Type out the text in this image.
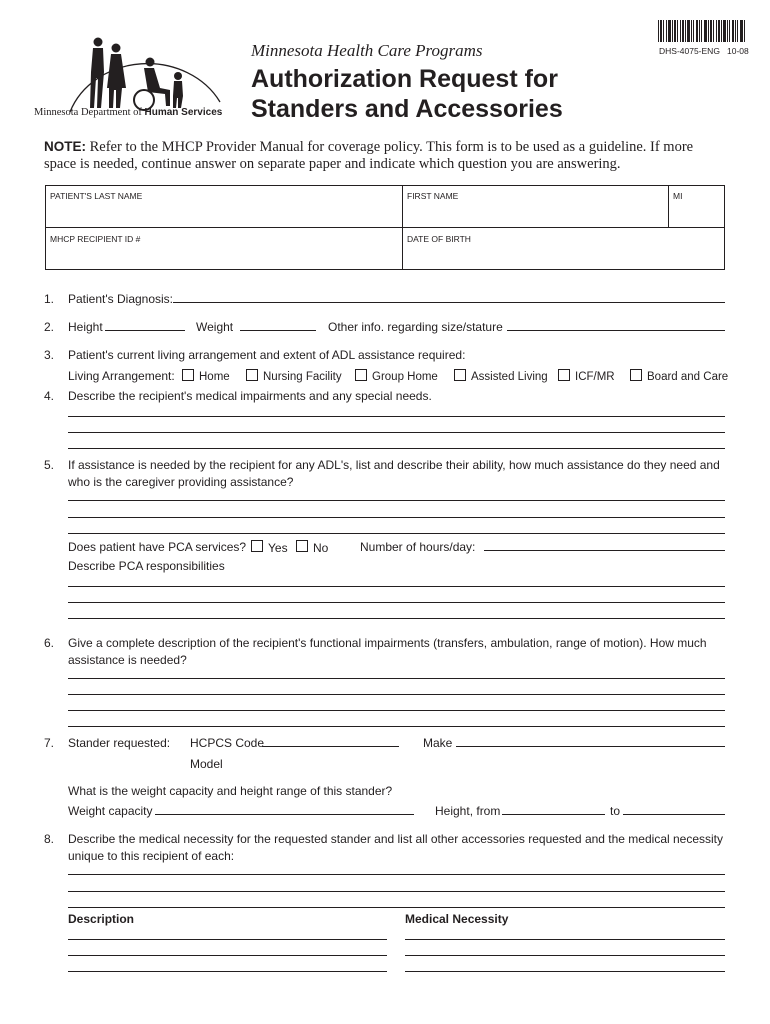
Minnesota Department of Human Services
Minnesota Health Care Programs
Authorization Request for
Standers and Accessories
DHS-4075-ENG 10-08
NOTE: Refer to the MHCP Provider Manual for coverage policy. This form is to be used as a guideline. If more
space is needed, continue answer on separate paper and indicate which question you are answering.
PATIENT'S LAST NAME	FIRST NAME	MI
MHCP RECIPIENT ID #	DATE OF BIRTH
1. Patient's Diagnosis:
2. Height	Weight	Other info. regarding size/stature
3. Patient's current living arrangement and extent of ADL assistance required:
Living Arrangement: Home	Nursing Facility	Group Home	Assisted Living ICF/MR	Board and Care
4. Describe the recipient's medical impairments and any special needs.
5. If assistance is needed by the recipient for any ADL's, list and describe their ability, how much assistance do they need and
who is the caregiver providing assistance?
Does patient have PCA services? Yes No	Number of hours/day:
Describe PCA responsibilities
6. Give a complete description of the recipient's functional impairments (transfers, ambulation, range of motion). How much
assistance is needed?
7. Stander requested: HCPCS Code	Make
Model
What is the weight capacity and height range of this stander?
Weight capacity	Height, from	to
8. Describe the medical necessity for the requested stander and list all other accessories requested and the medical necessity
unique to this recipient of each:
Description	Medical Necessity
